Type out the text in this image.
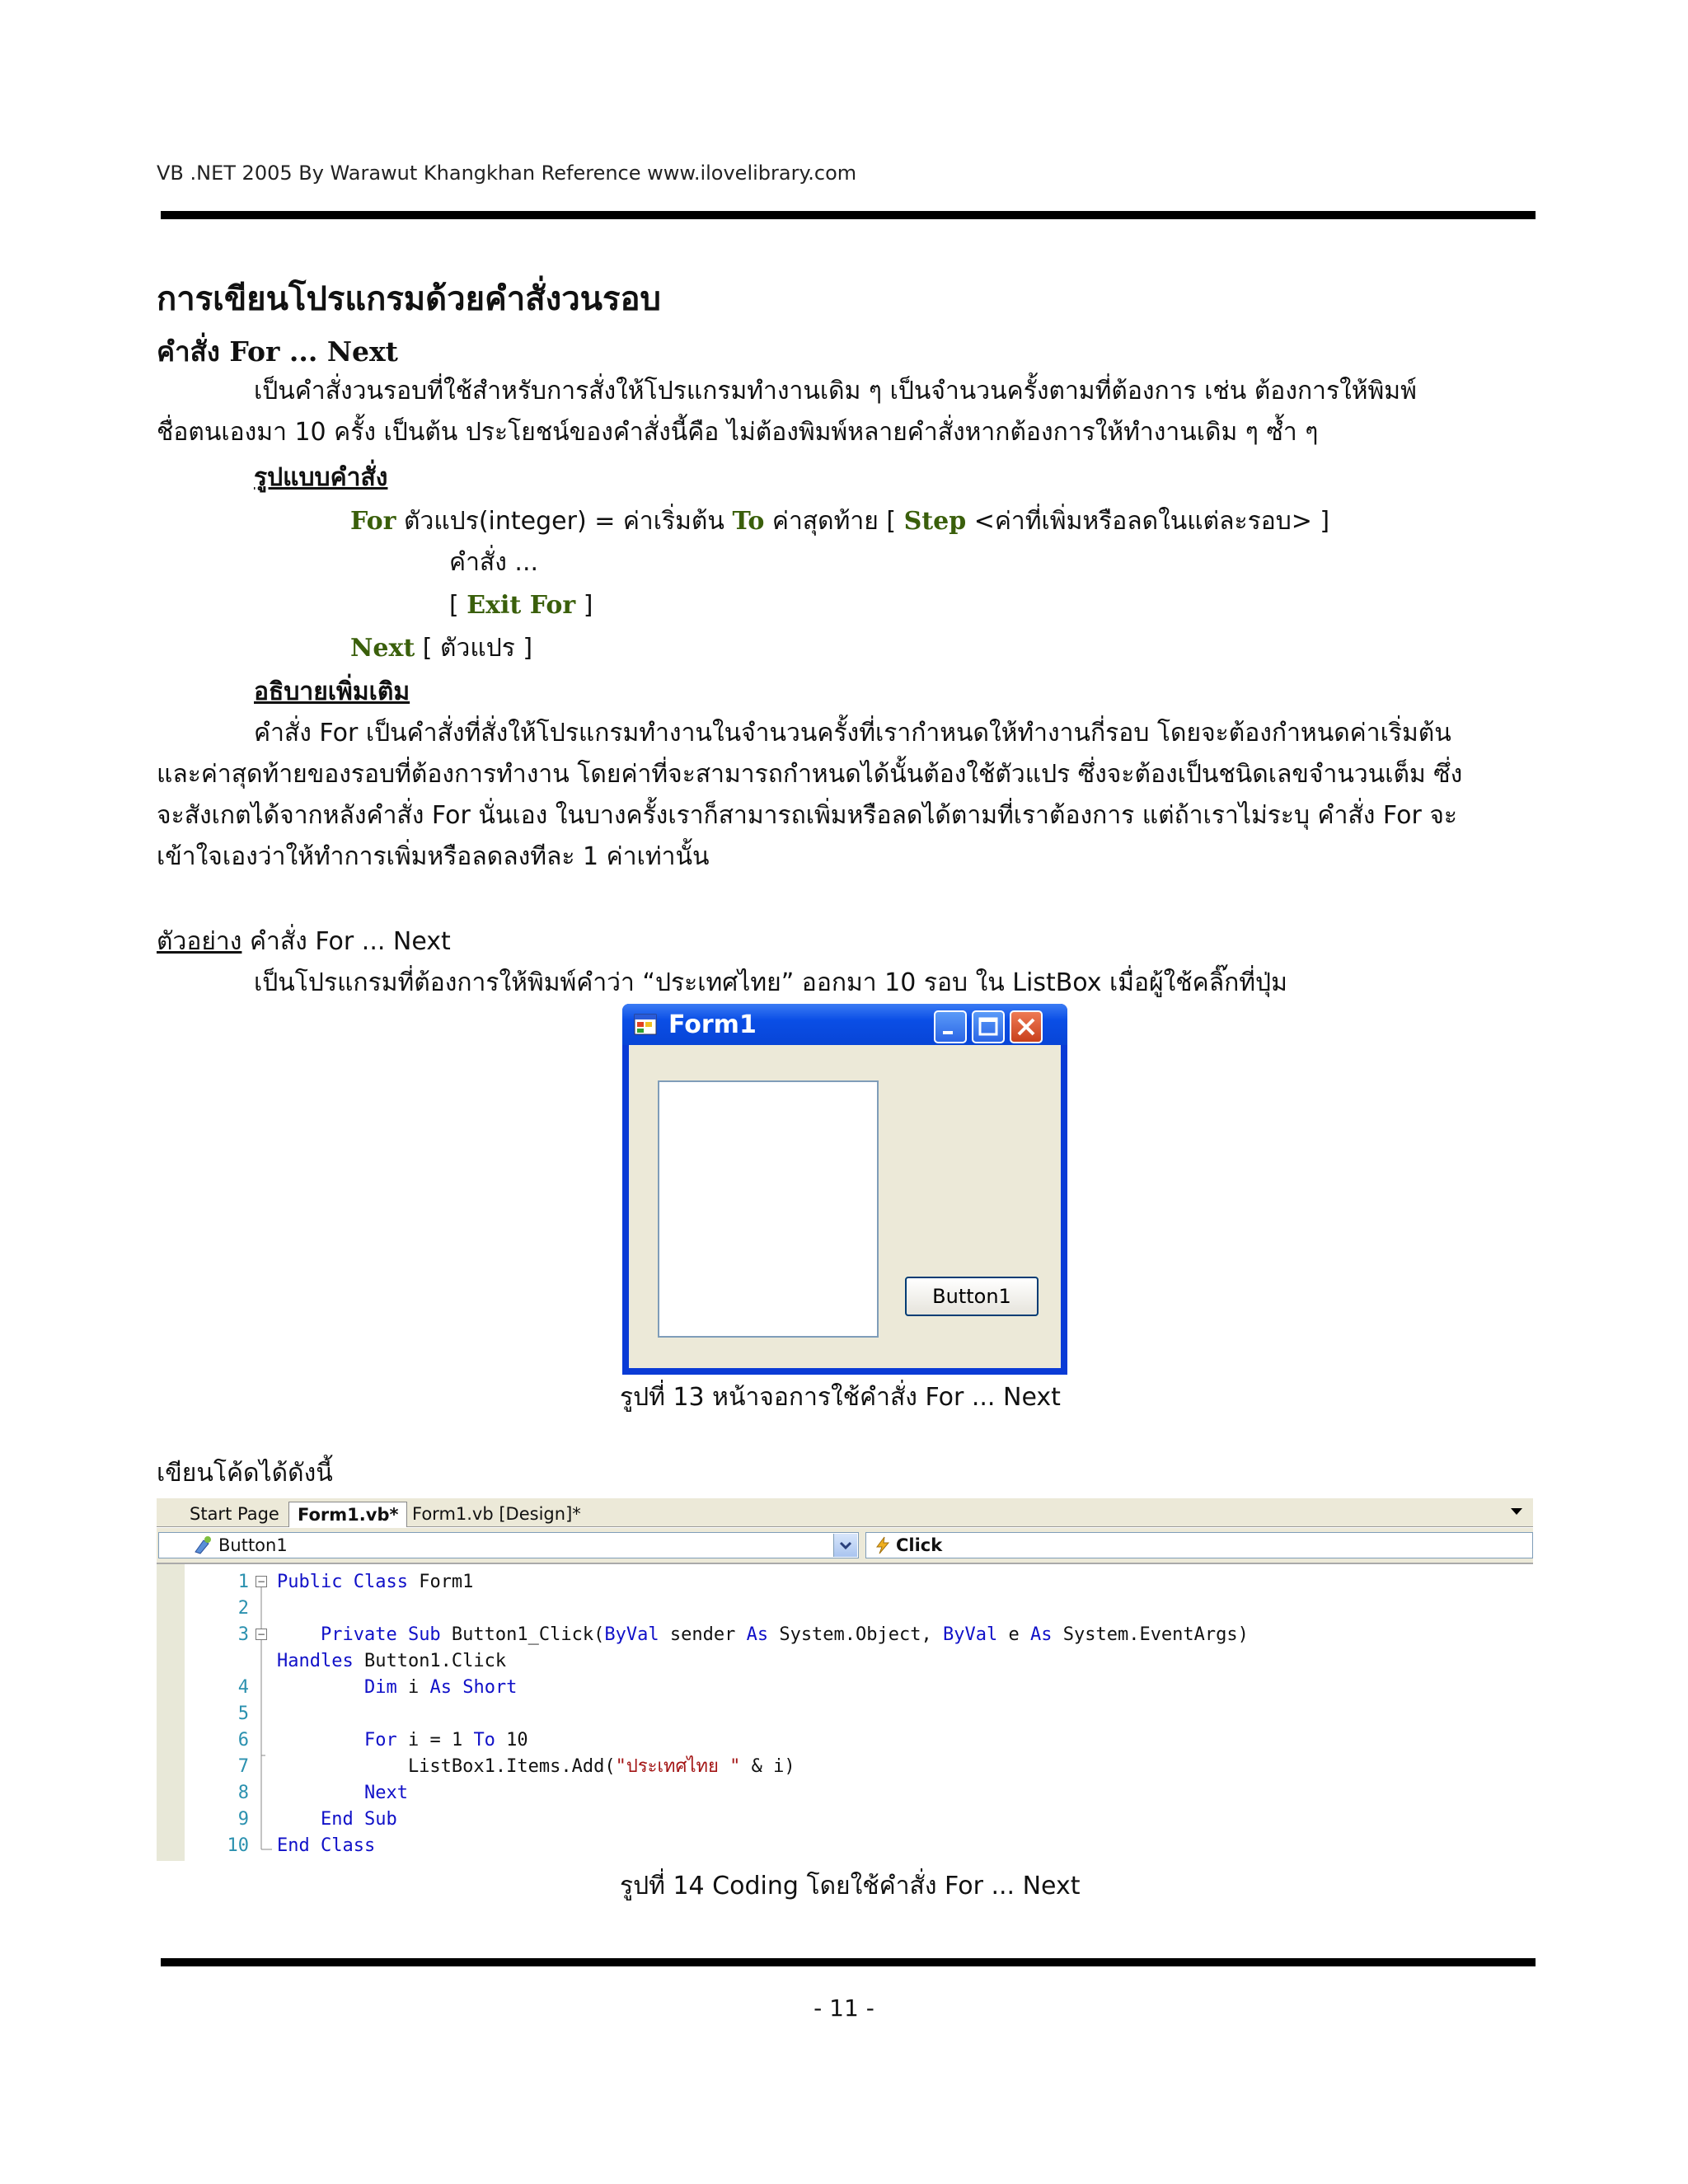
VB .NET 2005 By Warawut Khangkhan Reference www.ilovelibrary.com
การเขียนโปรแกรมด้วยคำสั่งวนรอบ
คำสั่ง For ... Next
เป็นคำสั่งวนรอบที่ใช้สำหรับการสั่งให้โปรแกรมทำงานเดิม ๆ เป็นจำนวนครั้งตามที่ต้องการ เช่น ต้องการให้พิมพ์
ชื่อตนเองมา 10 ครั้ง เป็นต้น ประโยชน์ของคำสั่งนี้คือ ไม่ต้องพิมพ์หลายคำสั่งหากต้องการให้ทำงานเดิม ๆ ซ้ำ ๆ
รูปแบบคำสั่ง
For ตัวแปร(integer) = ค่าเริ่มต้น To ค่าสุดท้าย [ Step <ค่าที่เพิ่มหรือลดในแต่ละรอบ> ]
คำสั่ง ...
[ Exit For ]
Next [ ตัวแปร ]
อธิบายเพิ่มเติม
คำสั่ง For เป็นคำสั่งที่สั่งให้โปรแกรมทำงานในจำนวนครั้งที่เรากำหนดให้ทำงานกี่รอบ โดยจะต้องกำหนดค่าเริ่มต้น
และค่าสุดท้ายของรอบที่ต้องการทำงาน โดยค่าที่จะสามารถกำหนดได้นั้นต้องใช้ตัวแปร ซึ่งจะต้องเป็นชนิดเลขจำนวนเต็ม ซึ่ง
จะสังเกตได้จากหลังคำสั่ง For นั่นเอง ในบางครั้งเราก็สามารถเพิ่มหรือลดได้ตามที่เราต้องการ แต่ถ้าเราไม่ระบุ คำสั่ง For จะ
เข้าใจเองว่าให้ทำการเพิ่มหรือลดลงทีละ 1 ค่าเท่านั้น
ตัวอย่าง คำสั่ง For ... Next
เป็นโปรแกรมที่ต้องการให้พิมพ์คำว่า “ประเทศไทย” ออกมา 10 รอบ ใน ListBox เมื่อผู้ใช้คลิ๊กที่ปุ่ม
Form1
Button1
รูปที่ 13 หน้าจอการใช้คำสั่ง For ... Next
เขียนโค้ดได้ดังนี้
Start Page	Form1.vb* Form1.vb [Design]*
Button1	Click
−
−
1 Public Class Form1
2
3	Private Sub Button1_Click(ByVal sender As System.Object, ByVal e As System.EventArgs)
Handles Button1.Click
4	Dim i As Short
5
6	For i = 1 To 10
7 ListBox1.Items.Add("ประเทศไทย " & i)
8	Next
9	End Sub
10 End Class
รูปที่ 14 Coding โดยใช้คำสั่ง For ... Next
- 11 -
